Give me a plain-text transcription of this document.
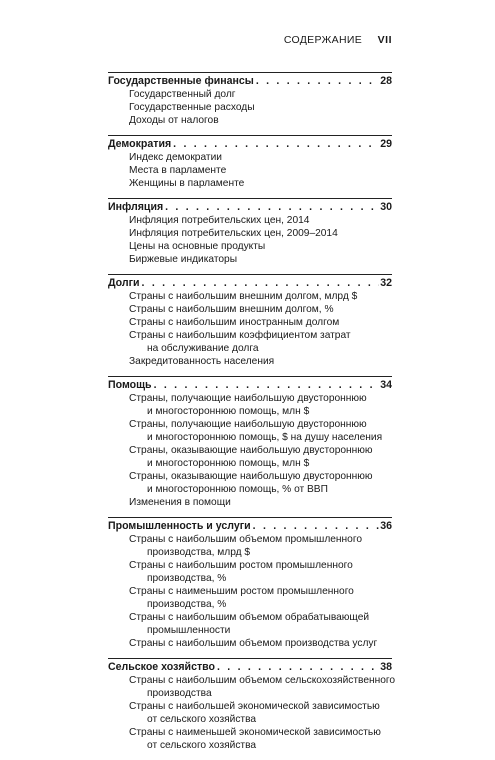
СОДЕРЖАНИЕ VII
Государственные финансы . . .	28
Государственный долг
Государственные расходы
Доходы от налогов
Демократия . . .	29
Индекс демократии
Места в парламенте
Женщины в парламенте
Инфляция . . .	30
Инфляция потребительских цен, 2014
Инфляция потребительских цен, 2009–2014
Цены на основные продукты
Биржевые индикаторы
Долги . . .	32
Страны с наибольшим внешним долгом, млрд $
Страны с наибольшим внешним долгом, %
Страны с наибольшим иностранным долгом
Страны с наибольшим коэффициентом затрат
на обслуживание долга
Закредитованность населения
Помощь . . .	34
Страны, получающие наибольшую двустороннюю
и многостороннюю помощь, млн $
Страны, получающие наибольшую двустороннюю
и многостороннюю помощь, $ на душу населения
Страны, оказывающие наибольшую двустороннюю
и многостороннюю помощь, млн $
Страны, оказывающие наибольшую двустороннюю
и многостороннюю помощь, % от ВВП
Изменения в помощи
Промышленность и услуги . . .	36
Страны с наибольшим объемом промышленного
производства, млрд $
Страны с наибольшим ростом промышленного
производства, %
Страны с наименьшим ростом промышленного
производства, %
Страны с наибольшим объемом обрабатывающей
промышленности
Страны с наибольшим объемом производства услуг
Сельское хозяйство . . .	38
Страны с наибольшим объемом сельскохозяйственного
производства
Страны с наибольшей экономической зависимостью
от сельского хозяйства
Страны с наименьшей экономической зависимостью
от сельского хозяйства
